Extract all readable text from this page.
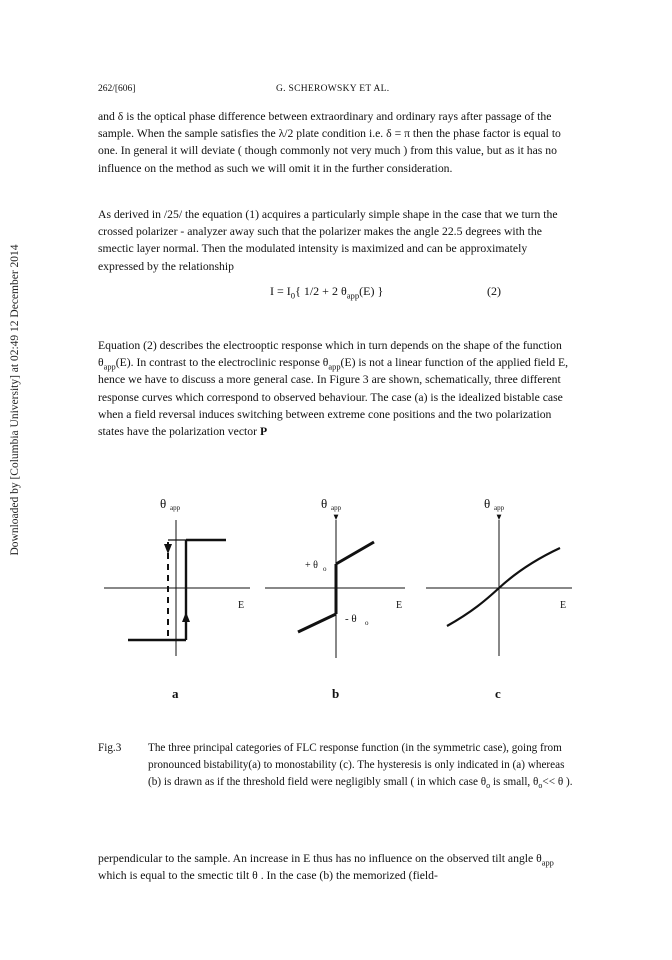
Downloaded by [Columbia University] at 02:49 12 December 2014
262/[606]	G. SCHEROWSKY ET AL.

and δ is the optical phase difference between extraordinary and ordinary rays after passage of the sample. When the sample satisfies the λ/2 plate condition i.e. δ = π then the phase factor is equal to one. In general it will deviate ( though commonly not very much ) from this value, but as it has no influence on the method as such we will omit it in the further consideration.

As derived in /25/ the equation (1) acquires a particularly simple shape in the case that we turn the crossed polarizer - analyzer away such that the polarizer makes the angle 22.5 degrees with the smectic layer normal. Then the modulated intensity is maximized and can be approximately expressed by the relationship

$I = I_0${ 1/2 + 2 $\theta_{app}(E)$ }	(2)

Equation (2) describes the electrooptic response which in turn depends on the shape of the function $\theta_{app}(E)$. In contrast to the electroclinic response $\theta_{app}(E)$ is not a linear function of the applied field E, hence we have to discuss a more general case. In Figure 3 are shown, schematically, three different response curves which correspond to observed behaviour. The case (a) is the idealized bistable case when a field reversal induces switching between extreme cone positions and the two polarization states have the polarization vector P

θ app
E
a
θ app
+ θ o
- θ o
E
b
θ app
E
c
Fig.3 The three principal categories of FLC response function (in the symmetric case), going from pronounced bistability(a) to monostability (c). The hysteresis is only indicated in (a) whereas (b) is drawn as if the threshold field were negligibly small ( in which case $\theta_o$ is small, $\theta_o<< \theta$ ).

perpendicular to the sample. An increase in E thus has no influence on the observed tilt angle $\theta_{app}$ which is equal to the smectic tilt θ . In the case (b) the memorized (field-
